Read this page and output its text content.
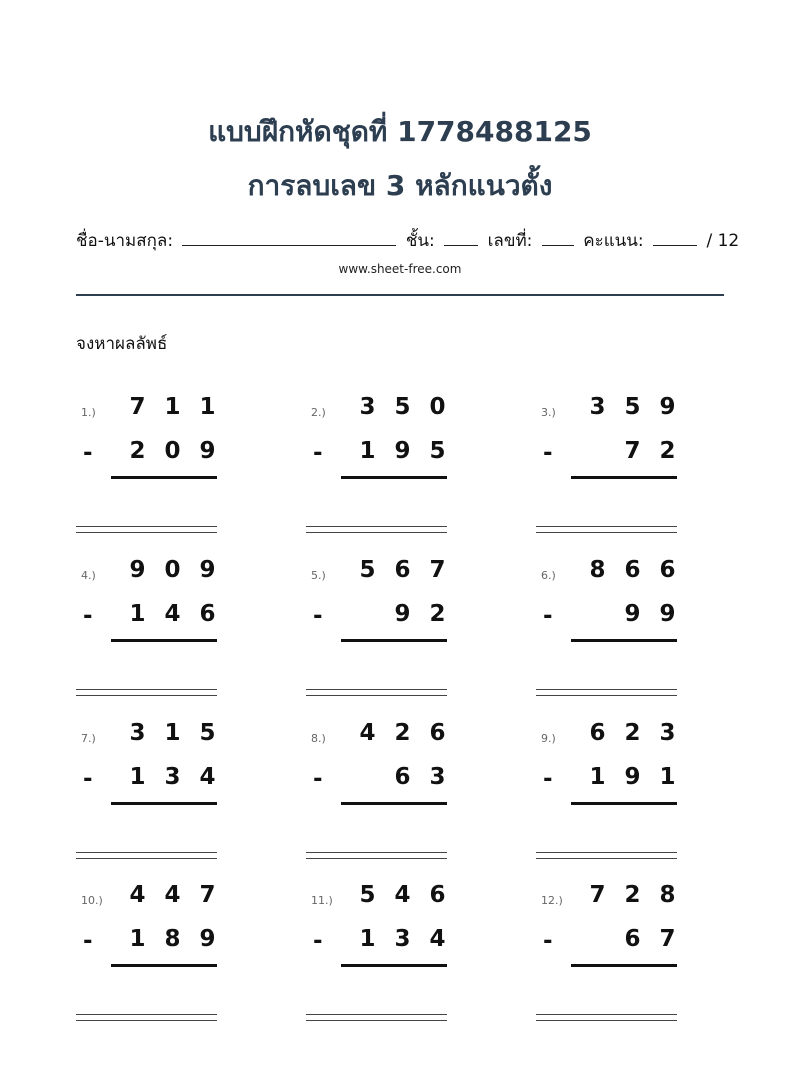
แบบฝึกหัดชุดที่ 1778488125
การลบเลข 3 หลักแนวตั้ง
ชื่อ-นามสกุล:	ชั้น:	เลขที่:	คะแนน:	/ 12
www.sheet-free.com
จงหาผลลัพธ์
1.)	7 1 1
2 0 9
-
2.)	3 5 0
1 9 5
-
3.)	3 5 9
7 2
-
4.)	9 0 9
1 4 6
-
5.)	5 6 7
9 2
-
6.)	8 6 6
9 9
-
7.)	3 1 5
1 3 4
-
8.)	4 2 6
6 3
-
9.)	6 2 3
1 9 1
-
10.)	4 4 7
1 8 9
-
11.)	5 4 6
1 3 4
-
12.)	7 2 8
6 7
-
